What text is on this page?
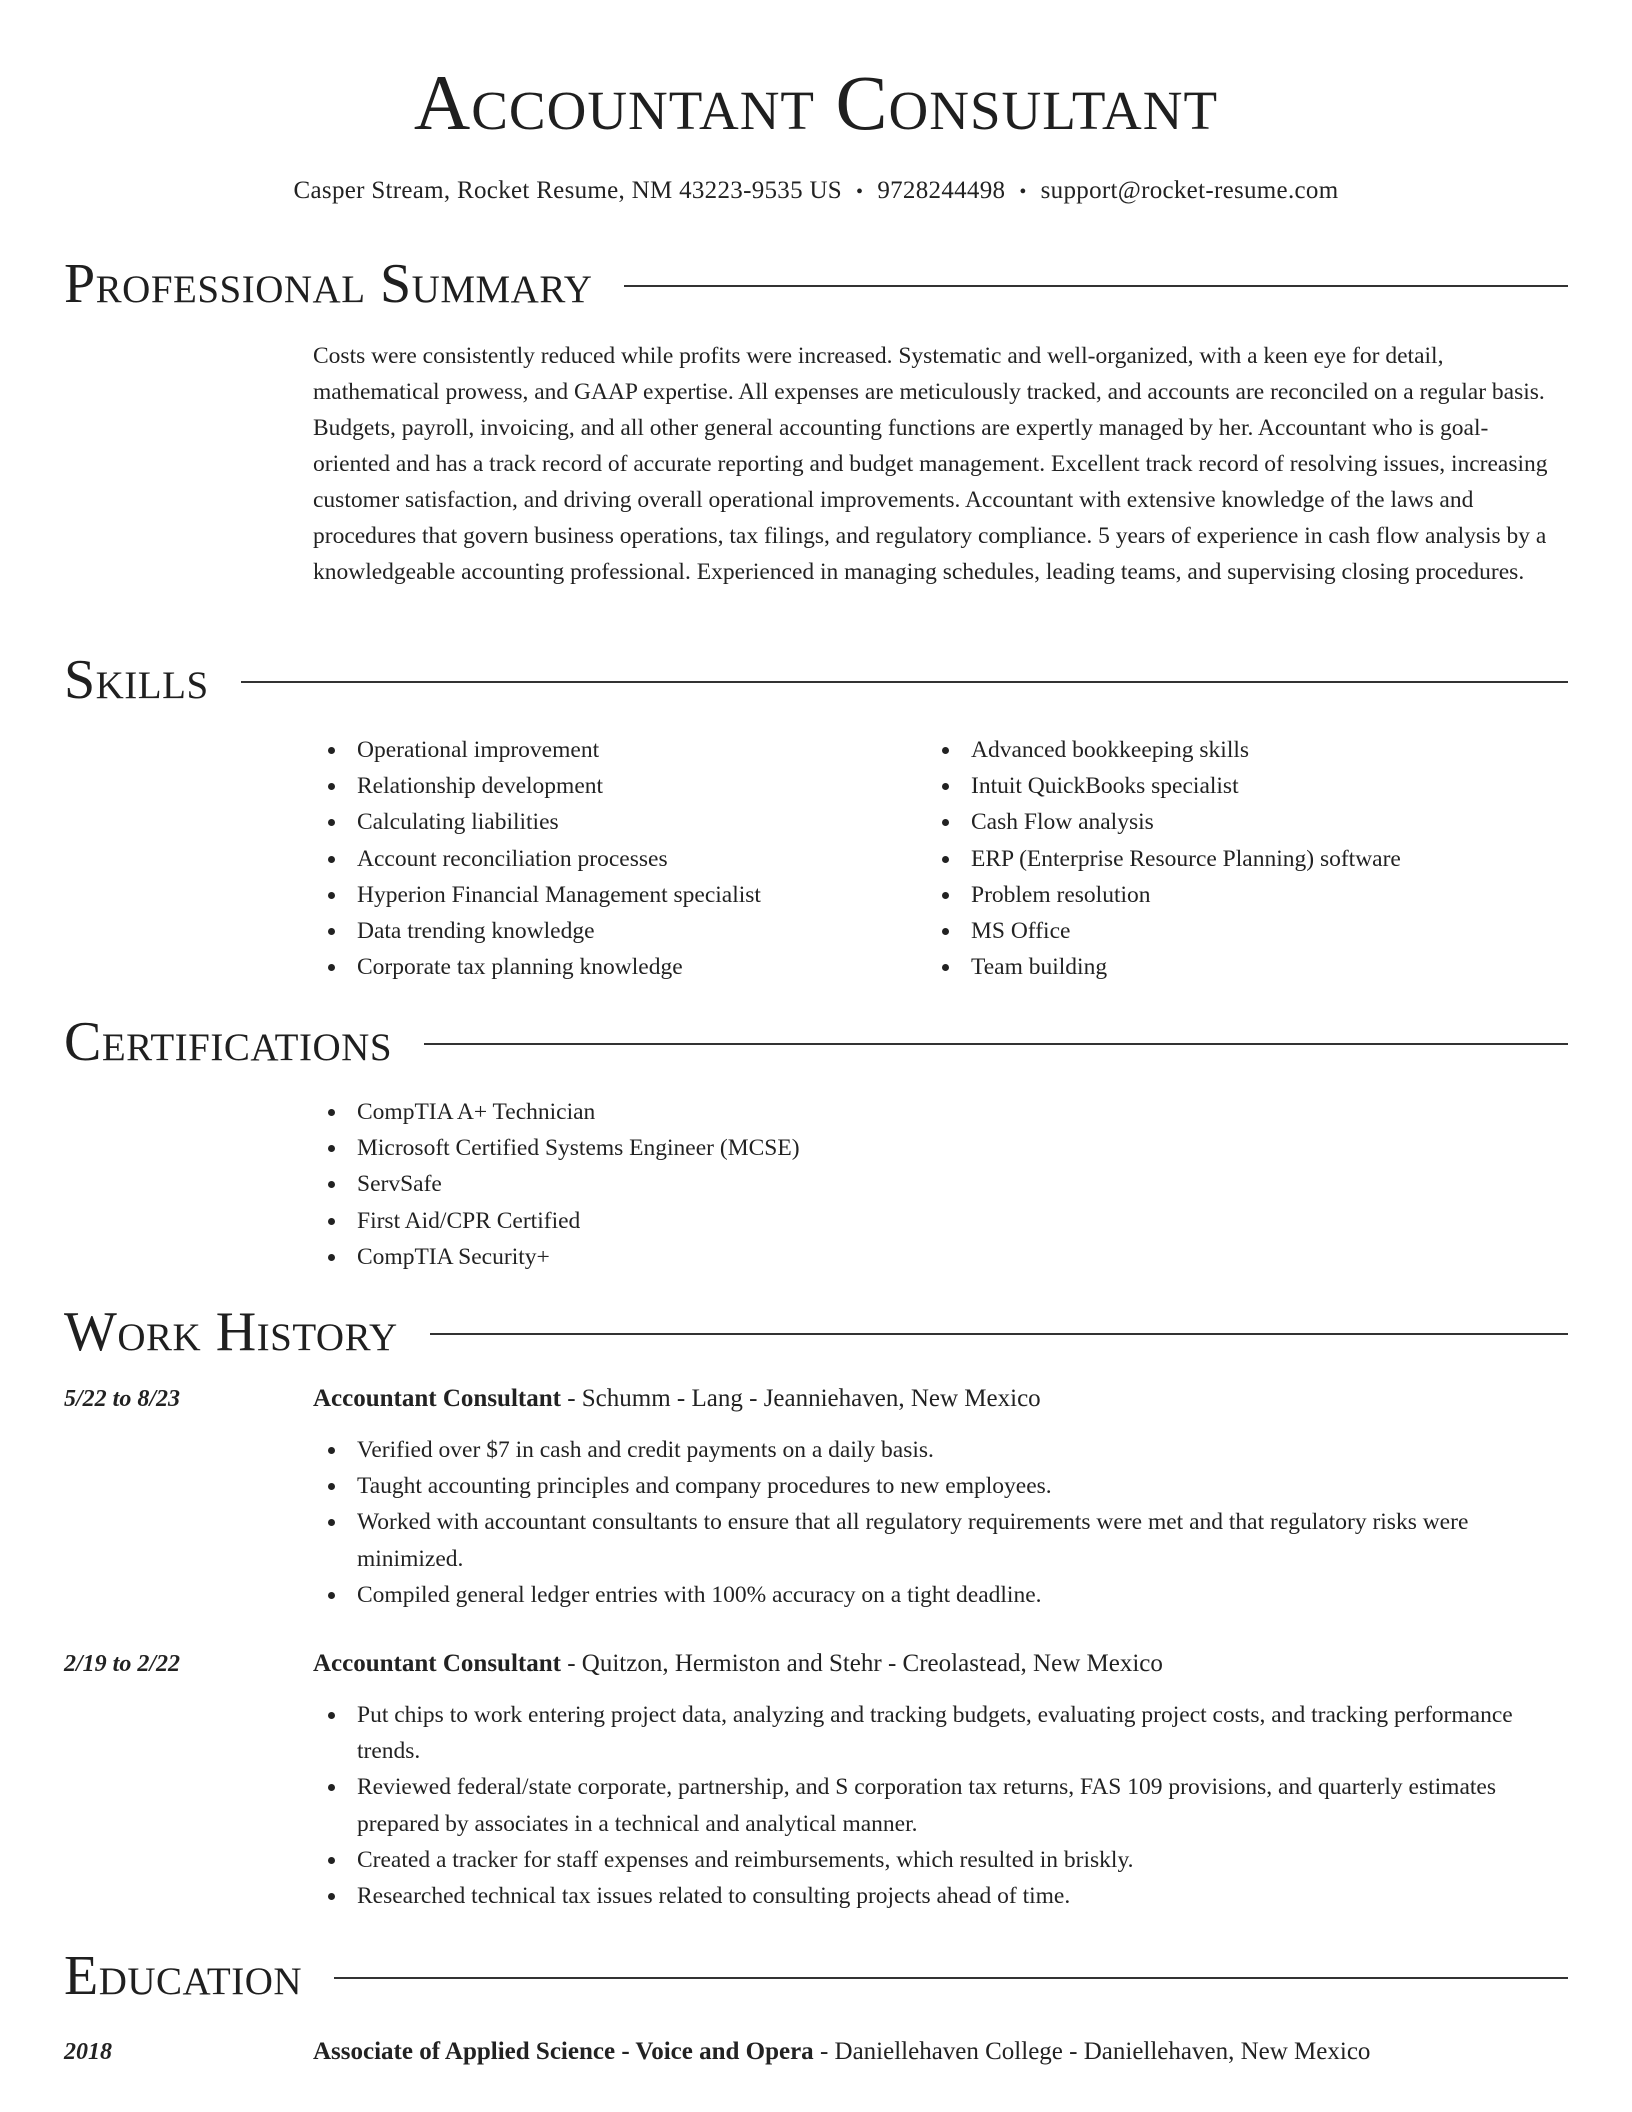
Accountant Consultant
Casper Stream, Rocket Resume, NM 43223-9535 US • 9728244498 • support@rocket-resume.com
Professional Summary

Costs were consistently reduced while profits were increased. Systematic and well-organized, with a keen eye for detail, mathematical prowess, and GAAP expertise. All expenses are meticulously tracked, and accounts are reconciled on a regular basis. Budgets, payroll, invoicing, and all other general accounting functions are expertly managed by her. Accountant who is goal-oriented and has a track record of accurate reporting and budget management. Excellent track record of resolving issues, increasing customer satisfaction, and driving overall operational improvements. Accountant with extensive knowledge of the laws and procedures that govern business operations, tax filings, and regulatory compliance. 5 years of experience in cash flow analysis by a knowledgeable accounting professional. Experienced in managing schedules, leading teams, and supervising closing procedures.

Skills
Operational improvement
Relationship development
Calculating liabilities
Account reconciliation processes
Hyperion Financial Management specialist
Data trending knowledge
Corporate tax planning knowledge
Advanced bookkeeping skills
Intuit QuickBooks specialist
Cash Flow analysis
ERP (Enterprise Resource Planning) software
Problem resolution
MS Office
Team building
Certifications
CompTIA A+ Technician
Microsoft Certified Systems Engineer (MCSE)
ServSafe
First Aid/CPR Certified
CompTIA Security+
Work History
5/22 to 8/23	Accountant Consultant - Schumm - Lang - Jeanniehaven, New Mexico
Verified over $7 in cash and credit payments on a daily basis.
Taught accounting principles and company procedures to new employees.
Worked with accountant consultants to ensure that all regulatory requirements were met and that regulatory risks were minimized.
Compiled general ledger entries with 100% accuracy on a tight deadline.
2/19 to 2/22	Accountant Consultant - Quitzon, Hermiston and Stehr - Creolastead, New Mexico
Put chips to work entering project data, analyzing and tracking budgets, evaluating project costs, and tracking performance trends.
Reviewed federal/state corporate, partnership, and S corporation tax returns, FAS 109 provisions, and quarterly estimates prepared by associates in a technical and analytical manner.
Created a tracker for staff expenses and reimbursements, which resulted in briskly.
Researched technical tax issues related to consulting projects ahead of time.
Education
2018	Associate of Applied Science - Voice and Opera - Daniellehaven College - Daniellehaven, New Mexico
